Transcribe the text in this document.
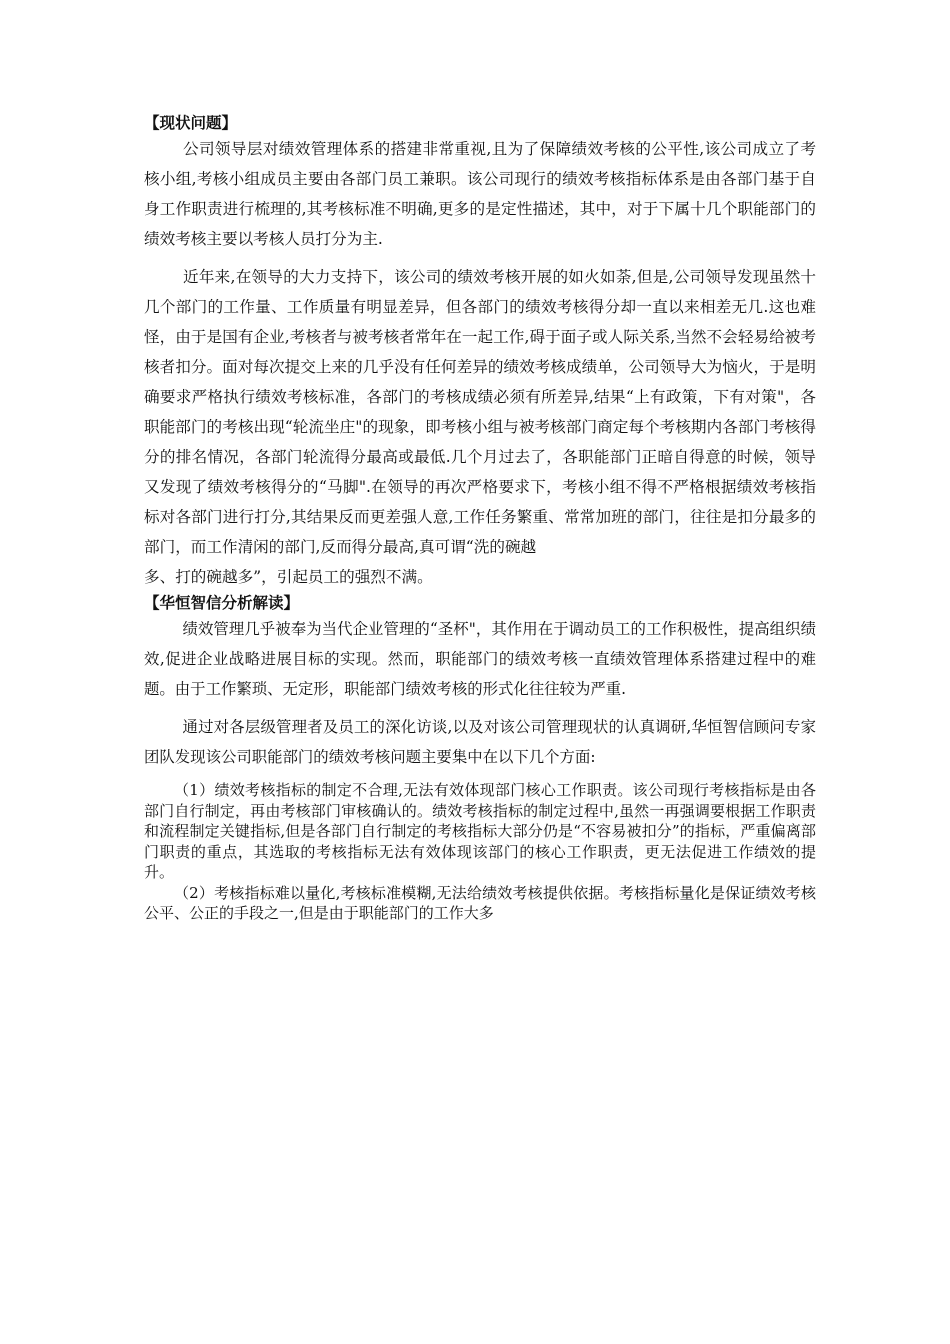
【现状问题】

公司领导层对绩效管理体系的搭建非常重视,且为了保障绩效考核的公平性,该公司成立了考核小组,考核小组成员主要由各部门员工兼职。该公司现行的绩效考核指标体系是由各部门基于自身工作职责进行梳理的,其考核标准不明确,更多的是定性描述，其中，对于下属十几个职能部门的绩效考核主要以考核人员打分为主.

近年来,在领导的大力支持下，该公司的绩效考核开展的如火如荼,但是,公司领导发现虽然十几个部门的工作量、工作质量有明显差异，但各部门的绩效考核得分却一直以来相差无几.这也难怪，由于是国有企业,考核者与被考核者常年在一起工作,碍于面子或人际关系,当然不会轻易给被考核者扣分。面对每次提交上来的几乎没有任何差异的绩效考核成绩单，公司领导大为恼火，于是明确要求严格执行绩效考核标准，各部门的考核成绩必须有所差异,结果“上有政策，下有对策"，各职能部门的考核出现“轮流坐庄"的现象，即考核小组与被考核部门商定每个考核期内各部门考核得分的排名情况，各部门轮流得分最高或最低.几个月过去了，各职能部门正暗自得意的时候，领导又发现了绩效考核得分的“马脚".在领导的再次严格要求下，考核小组不得不严格根据绩效考核指标对各部门进行打分,其结果反而更差强人意,工作任务繁重、常常加班的部门，往往是扣分最多的部门，而工作清闲的部门,反而得分最高,真可谓“洗的碗越

多、打的碗越多”，引起员工的强烈不满。

【华恒智信分析解读】

绩效管理几乎被奉为当代企业管理的“圣杯"，其作用在于调动员工的工作积极性，提高组织绩效,促进企业战略进展目标的实现。然而，职能部门的绩效考核一直绩效管理体系搭建过程中的难题。由于工作繁琐、无定形，职能部门绩效考核的形式化往往较为严重.

通过对各层级管理者及员工的深化访谈,以及对该公司管理现状的认真调研,华恒智信顾问专家团队发现该公司职能部门的绩效考核问题主要集中在以下几个方面:

（1）绩效考核指标的制定不合理,无法有效体现部门核心工作职责。该公司现行考核指标是由各部门自行制定，再由考核部门审核确认的。绩效考核指标的制定过程中,虽然一再强调要根据工作职责和流程制定关键指标,但是各部门自行制定的考核指标大部分仍是“不容易被扣分”的指标，严重偏离部门职责的重点，其选取的考核指标无法有效体现该部门的核心工作职责，更无法促进工作绩效的提升。

（2）考核指标难以量化,考核标准模糊,无法给绩效考核提供依据。考核指标量化是保证绩效考核公平、公正的手段之一,但是由于职能部门的工作大多
